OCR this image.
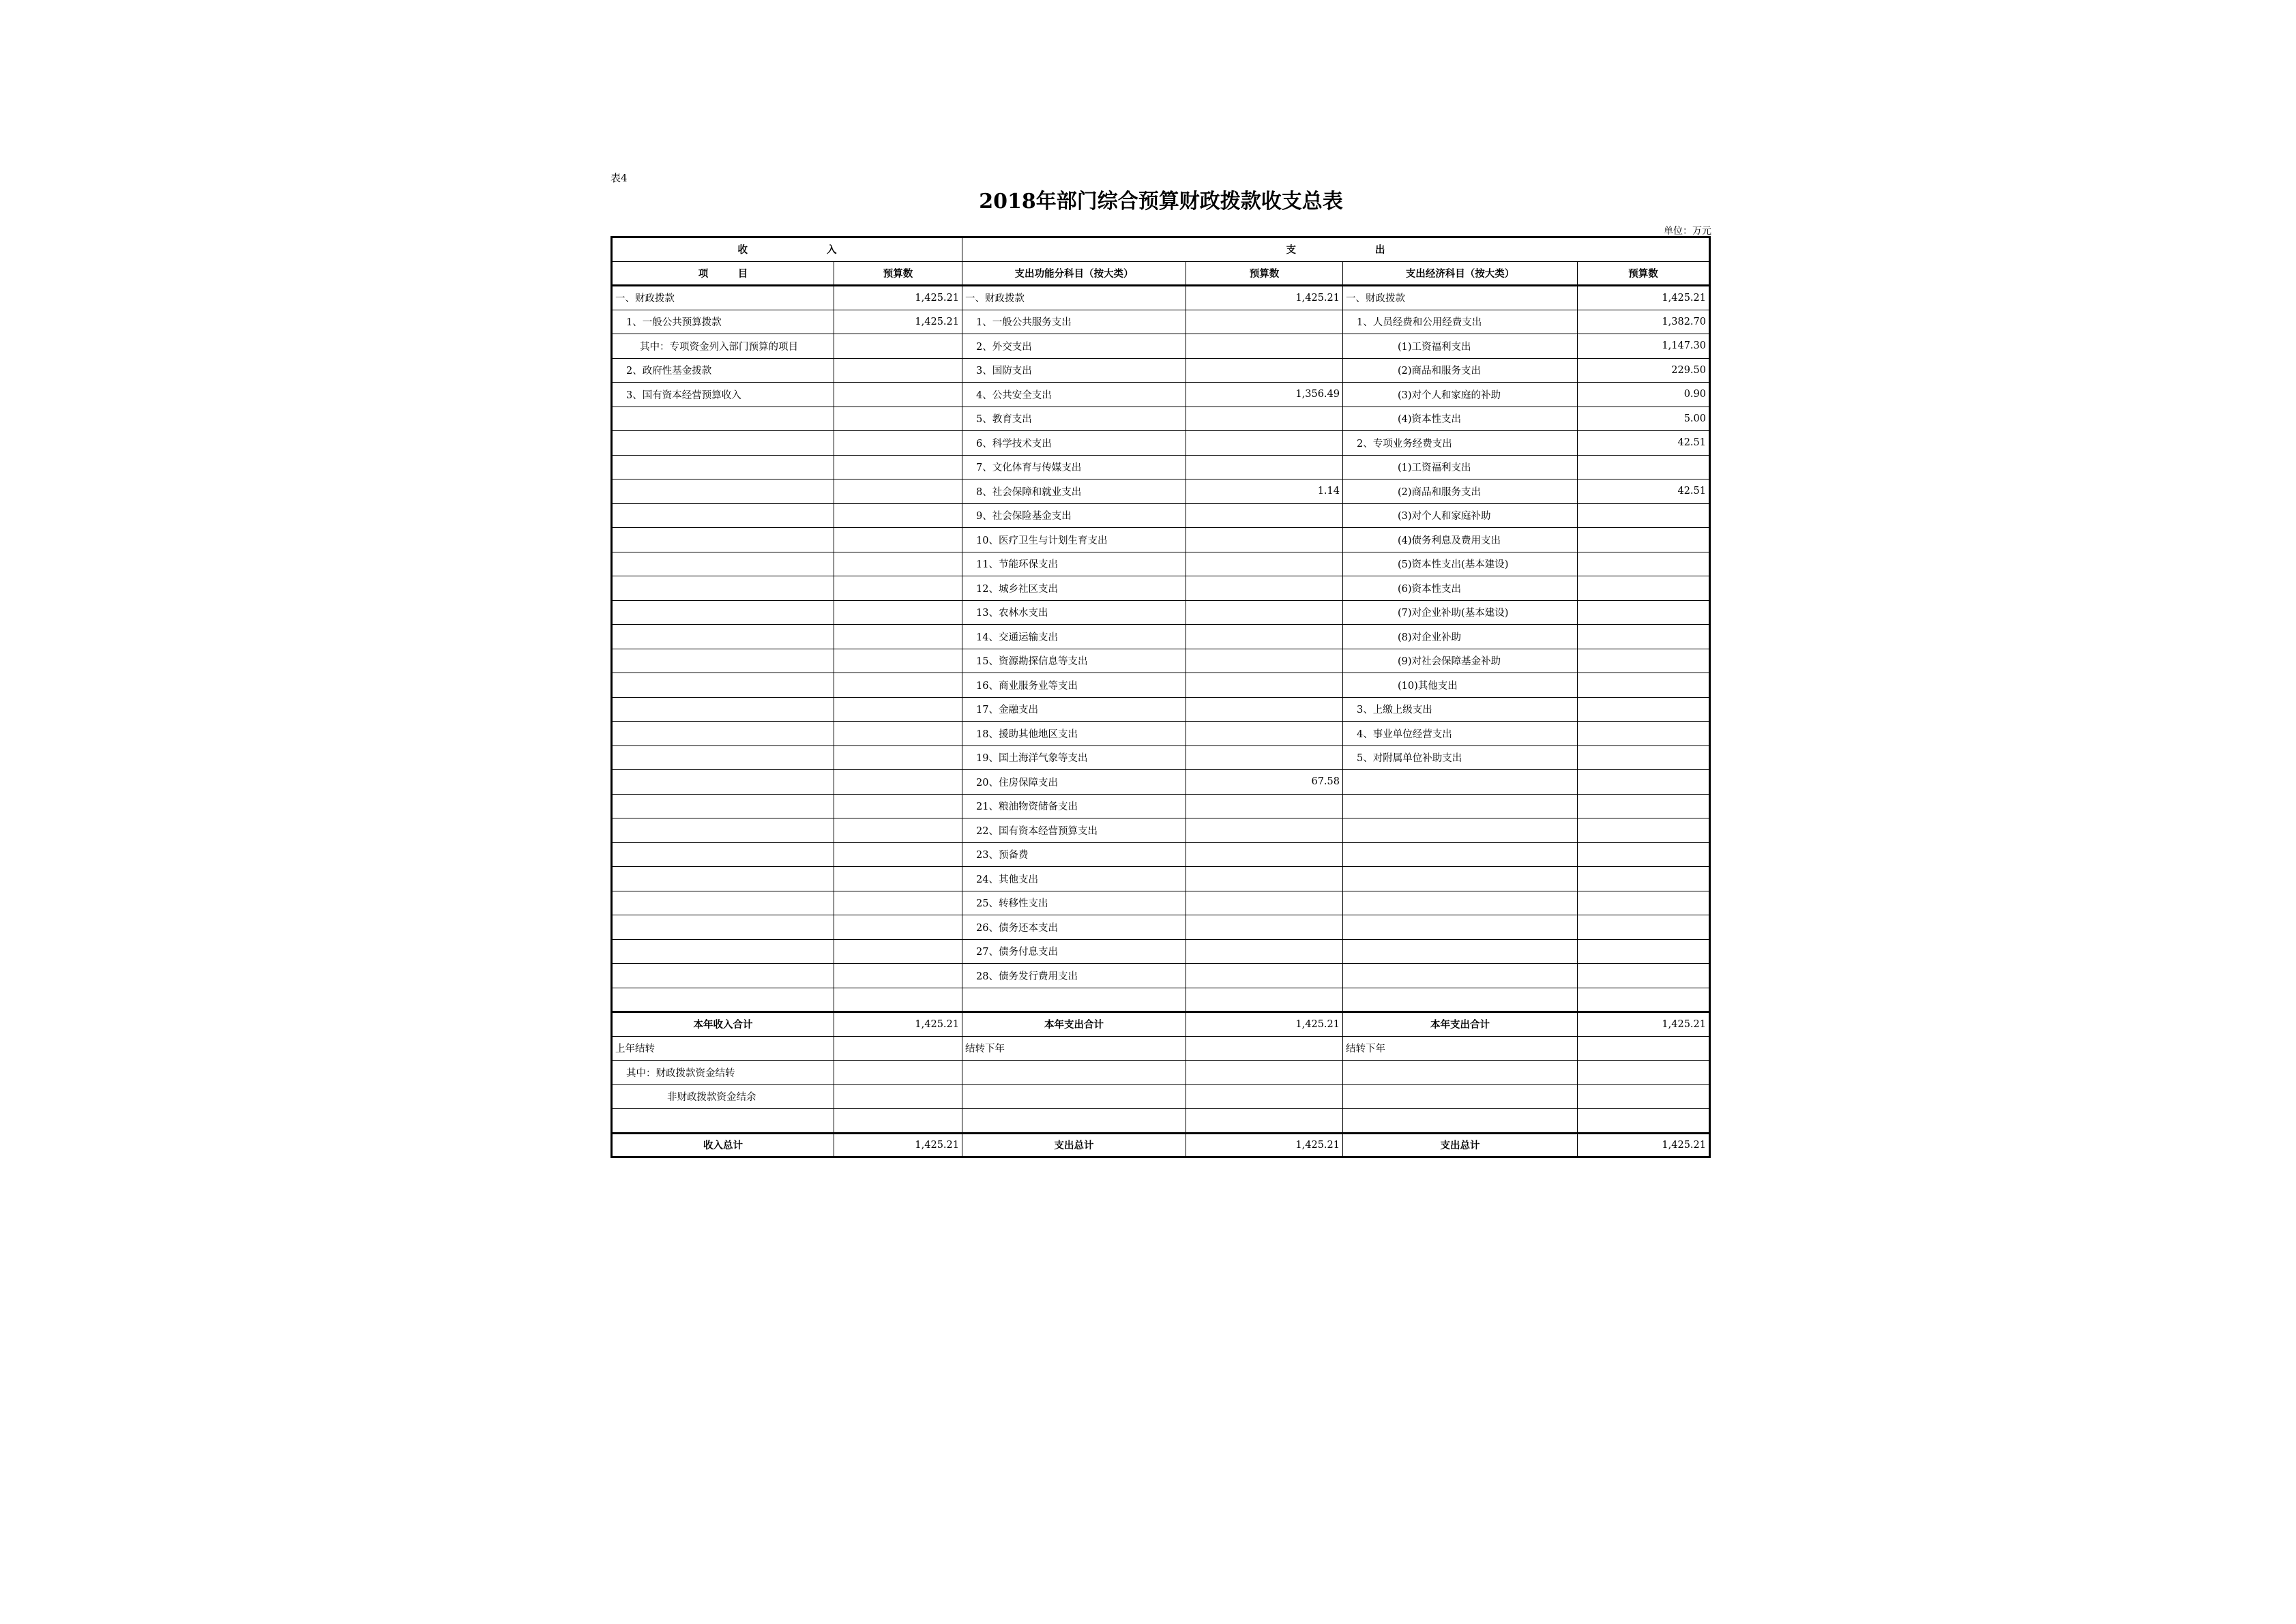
表4
2018年部门综合预算财政拨款收支总表
单位：万元
收　　　　　　　　入		支　　　　　　　　出			
项　　　目	预算数	支出功能分科目（按大类）	预算数	支出经济科目（按大类）	预算数
一、财政拨款	1,425.21	一、财政拨款	1,425.21	一、财政拨款	1,425.21
1、一般公共预算拨款	1,425.21	1、一般公共服务支出		1、人员经费和公用经费支出	1,382.70
其中：专项资金列入部门预算的项目		2、外交支出		(1)工资福利支出	1,147.30
2、政府性基金拨款		3、国防支出		(2)商品和服务支出	229.50
3、国有资本经营预算收入		4、公共安全支出	1,356.49	(3)对个人和家庭的补助	0.90
		5、教育支出		(4)资本性支出	5.00
		6、科学技术支出		2、专项业务经费支出	42.51
		7、文化体育与传媒支出		(1)工资福利支出	
		8、社会保障和就业支出	1.14	(2)商品和服务支出	42.51
		9、社会保险基金支出		(3)对个人和家庭补助	
		10、医疗卫生与计划生育支出		(4)债务利息及费用支出	
		11、节能环保支出		(5)资本性支出(基本建设)	
		12、城乡社区支出		(6)资本性支出	
		13、农林水支出		(7)对企业补助(基本建设)	
		14、交通运输支出		(8)对企业补助	
		15、资源勘探信息等支出		(9)对社会保障基金补助	
		16、商业服务业等支出		(10)其他支出	
		17、金融支出		3、上缴上级支出	
		18、援助其他地区支出		4、事业单位经营支出	
		19、国土海洋气象等支出		5、对附属单位补助支出	
		20、住房保障支出	67.58		
		21、粮油物资储备支出			
		22、国有资本经营预算支出			
		23、预备费			
		24、其他支出			
		25、转移性支出			
		26、债务还本支出			
		27、债务付息支出			
		28、债务发行费用支出			

本年收入合计	1,425.21	本年支出合计	1,425.21	本年支出合计	1,425.21
上年结转		结转下年		结转下年	
其中：财政拨款资金结转					
非财政拨款资金结余					

收入总计	1,425.21	支出总计	1,425.21	支出总计	1,425.21
